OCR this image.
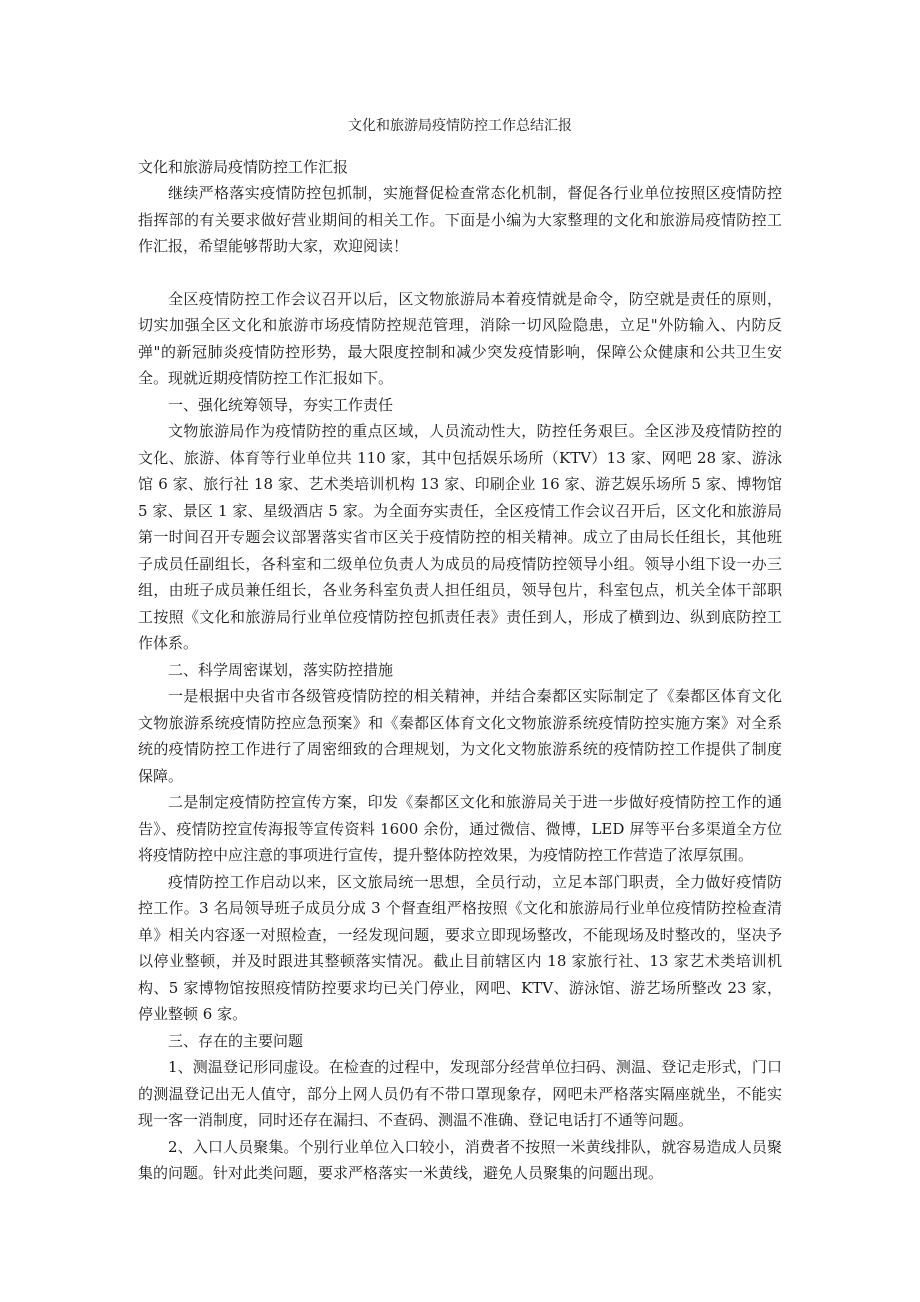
文化和旅游局疫情防控工作总结汇报
文化和旅游局疫情防控工作汇报

继续严格落实疫情防控包抓制，实施督促检查常态化机制，督促各行业单位按照区疫情防控指挥部的有关要求做好营业期间的相关工作。下面是小编为大家整理的文化和旅游局疫情防控工作汇报，希望能够帮助大家，欢迎阅读！

全区疫情防控工作会议召开以后，区文物旅游局本着疫情就是命令，防空就是责任的原则，切实加强全区文化和旅游市场疫情防控规范管理，消除一切风险隐患，立足"外防输入、内防反弹"的新冠肺炎疫情防控形势，最大限度控制和减少突发疫情影响，保障公众健康和公共卫生安全。现就近期疫情防控工作汇报如下。

一、强化统筹领导，夯实工作责任

文物旅游局作为疫情防控的重点区域，人员流动性大，防控任务艰巨。全区涉及疫情防控的文化、旅游、体育等行业单位共 110 家，其中包括娱乐场所（KTV）13 家、网吧 28 家、游泳馆 6 家、旅行社 18 家、艺术类培训机构 13 家、印刷企业 16 家、游艺娱乐场所 5 家、博物馆 5 家、景区 1 家、星级酒店 5 家。为全面夯实责任，全区疫情工作会议召开后，区文化和旅游局第一时间召开专题会议部署落实省市区关于疫情防控的相关精神。成立了由局长任组长，其他班子成员任副组长，各科室和二级单位负责人为成员的局疫情防控领导小组。领导小组下设一办三组，由班子成员兼任组长，各业务科室负责人担任组员，领导包片，科室包点，机关全体干部职工按照《文化和旅游局行业单位疫情防控包抓责任表》责任到人，形成了横到边、纵到底防控工作体系。

二、科学周密谋划，落实防控措施

一是根据中央省市各级管疫情防控的相关精神，并结合秦都区实际制定了《秦都区体育文化文物旅游系统疫情防控应急预案》和《秦都区体育文化文物旅游系统疫情防控实施方案》对全系统的疫情防控工作进行了周密细致的合理规划，为文化文物旅游系统的疫情防控工作提供了制度保障。

二是制定疫情防控宣传方案，印发《秦都区文化和旅游局关于进一步做好疫情防控工作的通告》、疫情防控宣传海报等宣传资料 1600 余份，通过微信、微博，LED 屏等平台多渠道全方位将疫情防控中应注意的事项进行宣传，提升整体防控效果，为疫情防控工作营造了浓厚氛围。

疫情防控工作启动以来，区文旅局统一思想，全员行动，立足本部门职责，全力做好疫情防控工作。3 名局领导班子成员分成 3 个督查组严格按照《文化和旅游局行业单位疫情防控检查清单》相关内容逐一对照检查，一经发现问题，要求立即现场整改，不能现场及时整改的，坚决予以停业整顿，并及时跟进其整顿落实情况。截止目前辖区内 18 家旅行社、13 家艺术类培训机构、5 家博物馆按照疫情防控要求均已关门停业，网吧、KTV、游泳馆、游艺场所整改 23 家，停业整顿 6 家。

三、存在的主要问题

1、测温登记形同虚设。在检查的过程中，发现部分经营单位扫码、测温、登记走形式，门口的测温登记出无人值守，部分上网人员仍有不带口罩现象存，网吧未严格落实隔座就坐，不能实现一客一消制度，同时还存在漏扫、不查码、测温不准确、登记电话打不通等问题。

2、入口人员聚集。个别行业单位入口较小，消费者不按照一米黄线排队，就容易造成人员聚集的问题。针对此类问题，要求严格落实一米黄线，避免人员聚集的问题出现。
